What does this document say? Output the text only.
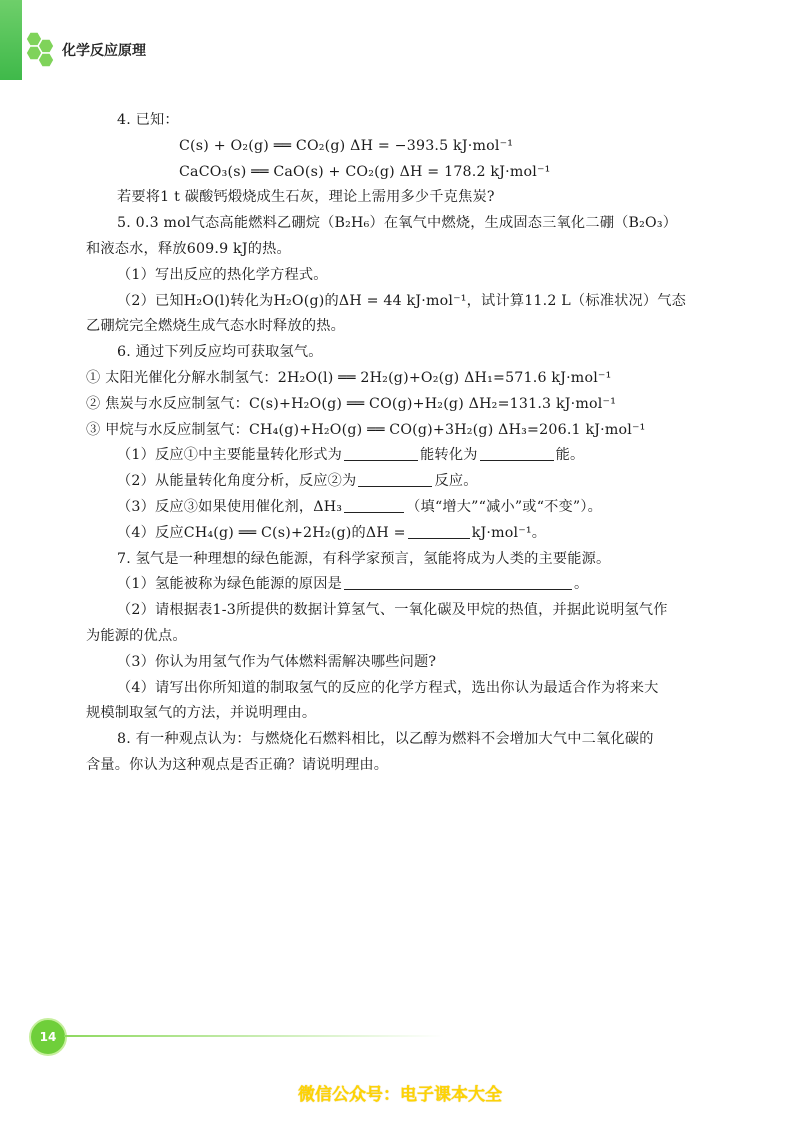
化学反应原理
4. 已知：
C(s) + O₂(g) ══ CO₂(g) ΔH = −393.5 kJ·mol⁻¹
CaCO₃(s) ══ CaO(s) + CO₂(g) ΔH = 178.2 kJ·mol⁻¹
若要将1 t 碳酸钙煅烧成生石灰，理论上需用多少千克焦炭?
5. 0.3 mol气态高能燃料乙硼烷（B₂H₆）在氧气中燃烧，生成固态三氧化二硼（B₂O₃）
和液态水，释放609.9 kJ的热。
（1）写出反应的热化学方程式。
（2）已知H₂O(l)转化为H₂O(g)的ΔH = 44 kJ·mol⁻¹，试计算11.2 L（标准状况）气态
乙硼烷完全燃烧生成气态水时释放的热。
6. 通过下列反应均可获取氢气。
① 太阳光催化分解水制氢气：2H₂O(l) ══ 2H₂(g)+O₂(g) ΔH₁=571.6 kJ·mol⁻¹
② 焦炭与水反应制氢气：C(s)+H₂O(g) ══ CO(g)+H₂(g) ΔH₂=131.3 kJ·mol⁻¹
③ 甲烷与水反应制氢气：CH₄(g)+H₂O(g) ══ CO(g)+3H₂(g) ΔH₃=206.1 kJ·mol⁻¹
（1）反应①中主要能量转化形式为	能转化为	能。
（2）从能量转化角度分析，反应②为	反应。
（3）反应③如果使用催化剂，ΔH₃	（填“增大”“减小”或“不变”）。
（4）反应CH₄(g) ══ C(s)+2H₂(g)的ΔH =	kJ·mol⁻¹。
7. 氢气是一种理想的绿色能源，有科学家预言，氢能将成为人类的主要能源。
（1）氢能被称为绿色能源的原因是	。
（2）请根据表1-3所提供的数据计算氢气、一氧化碳及甲烷的热值，并据此说明氢气作
为能源的优点。
（3）你认为用氢气作为气体燃料需解决哪些问题?
（4）请写出你所知道的制取氢气的反应的化学方程式，选出你认为最适合作为将来大
规模制取氢气的方法，并说明理由。
8. 有一种观点认为：与燃烧化石燃料相比，以乙醇为燃料不会增加大气中二氧化碳的
含量。你认为这种观点是否正确？请说明理由。
14
微信公众号：电子课本大全
